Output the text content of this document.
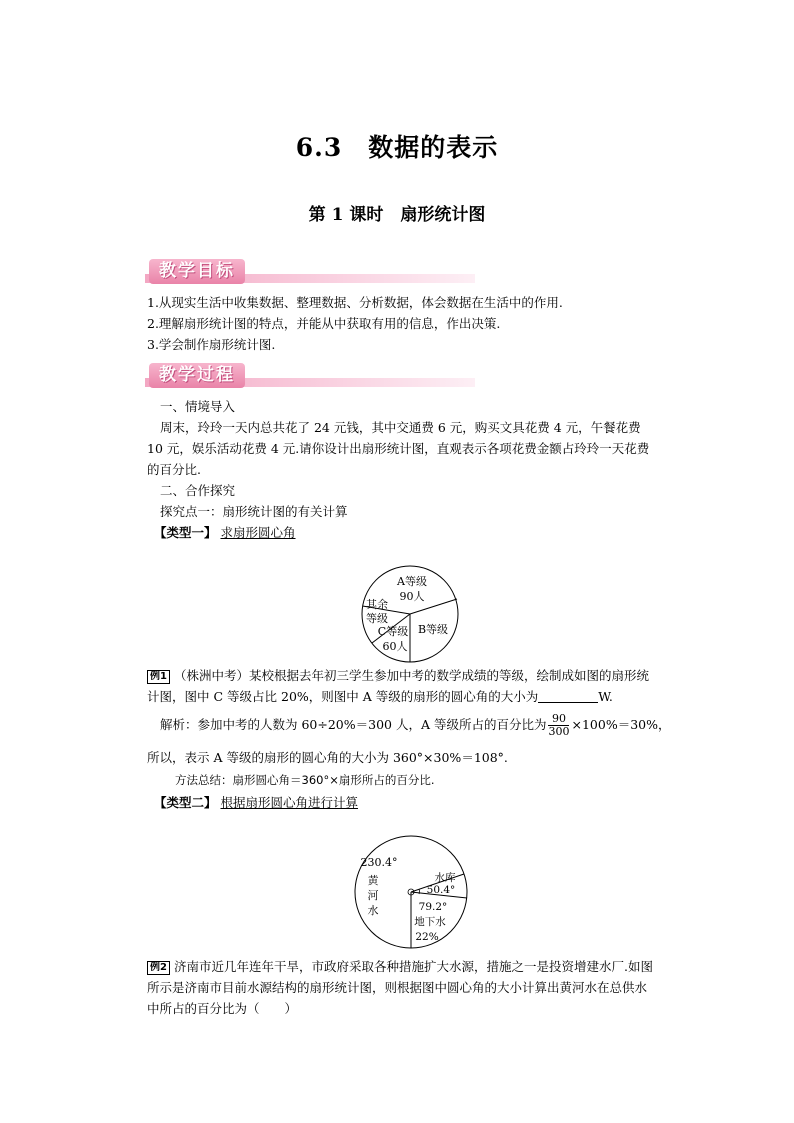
6.3　数据的表示
第 1 课时　扇形统计图
教学目标
1.从现实生活中收集数据、整理数据、分析数据，体会数据在生活中的作用.
2.理解扇形统计图的特点，并能从中获取有用的信息，作出决策.
3.学会制作扇形统计图.
教学过程
一、情境导入
周末，玲玲一天内总共花了 24 元钱，其中交通费 6 元，购买文具花费 4 元，午餐花费 10 元，娱乐活动花费 4 元.请你设计出扇形统计图，直观表示各项花费金额占玲玲一天花费的百分比.
二、合作探究
探究点一：扇形统计图的有关计算
【类型一】 求扇形圆心角
A等级
90人
B等级
C等级
60人
其余
等级
例1 （株洲中考）某校根据去年初三学生参加中考的数学成绩的等级，绘制成如图的扇形统计图，图中 C 等级占比 20%，则图中 A 等级的扇形的圆心角的大小为	W.
解析：参加中考的人数为 60÷20%＝300 人，A 等级所占的百分比为 $\frac{90}{300} \times 100\%=30\%$，
所以，表示 A 等级的扇形的圆心角的大小为 360°×30%＝108°.
方法总结：扇形圆心角＝360°×扇形所占的百分比.
【类型二】 根据扇形圆心角进行计算
230.4°
黄
河
水
水库
50.4°
79.2°
地下水
22%
例2 济南市近几年连年干旱，市政府采取各种措施扩大水源，措施之一是投资增建水厂.如图所示是济南市目前水源结构的扇形统计图，则根据图中圆心角的大小计算出黄河水在总供水中所占的百分比为（　　）
